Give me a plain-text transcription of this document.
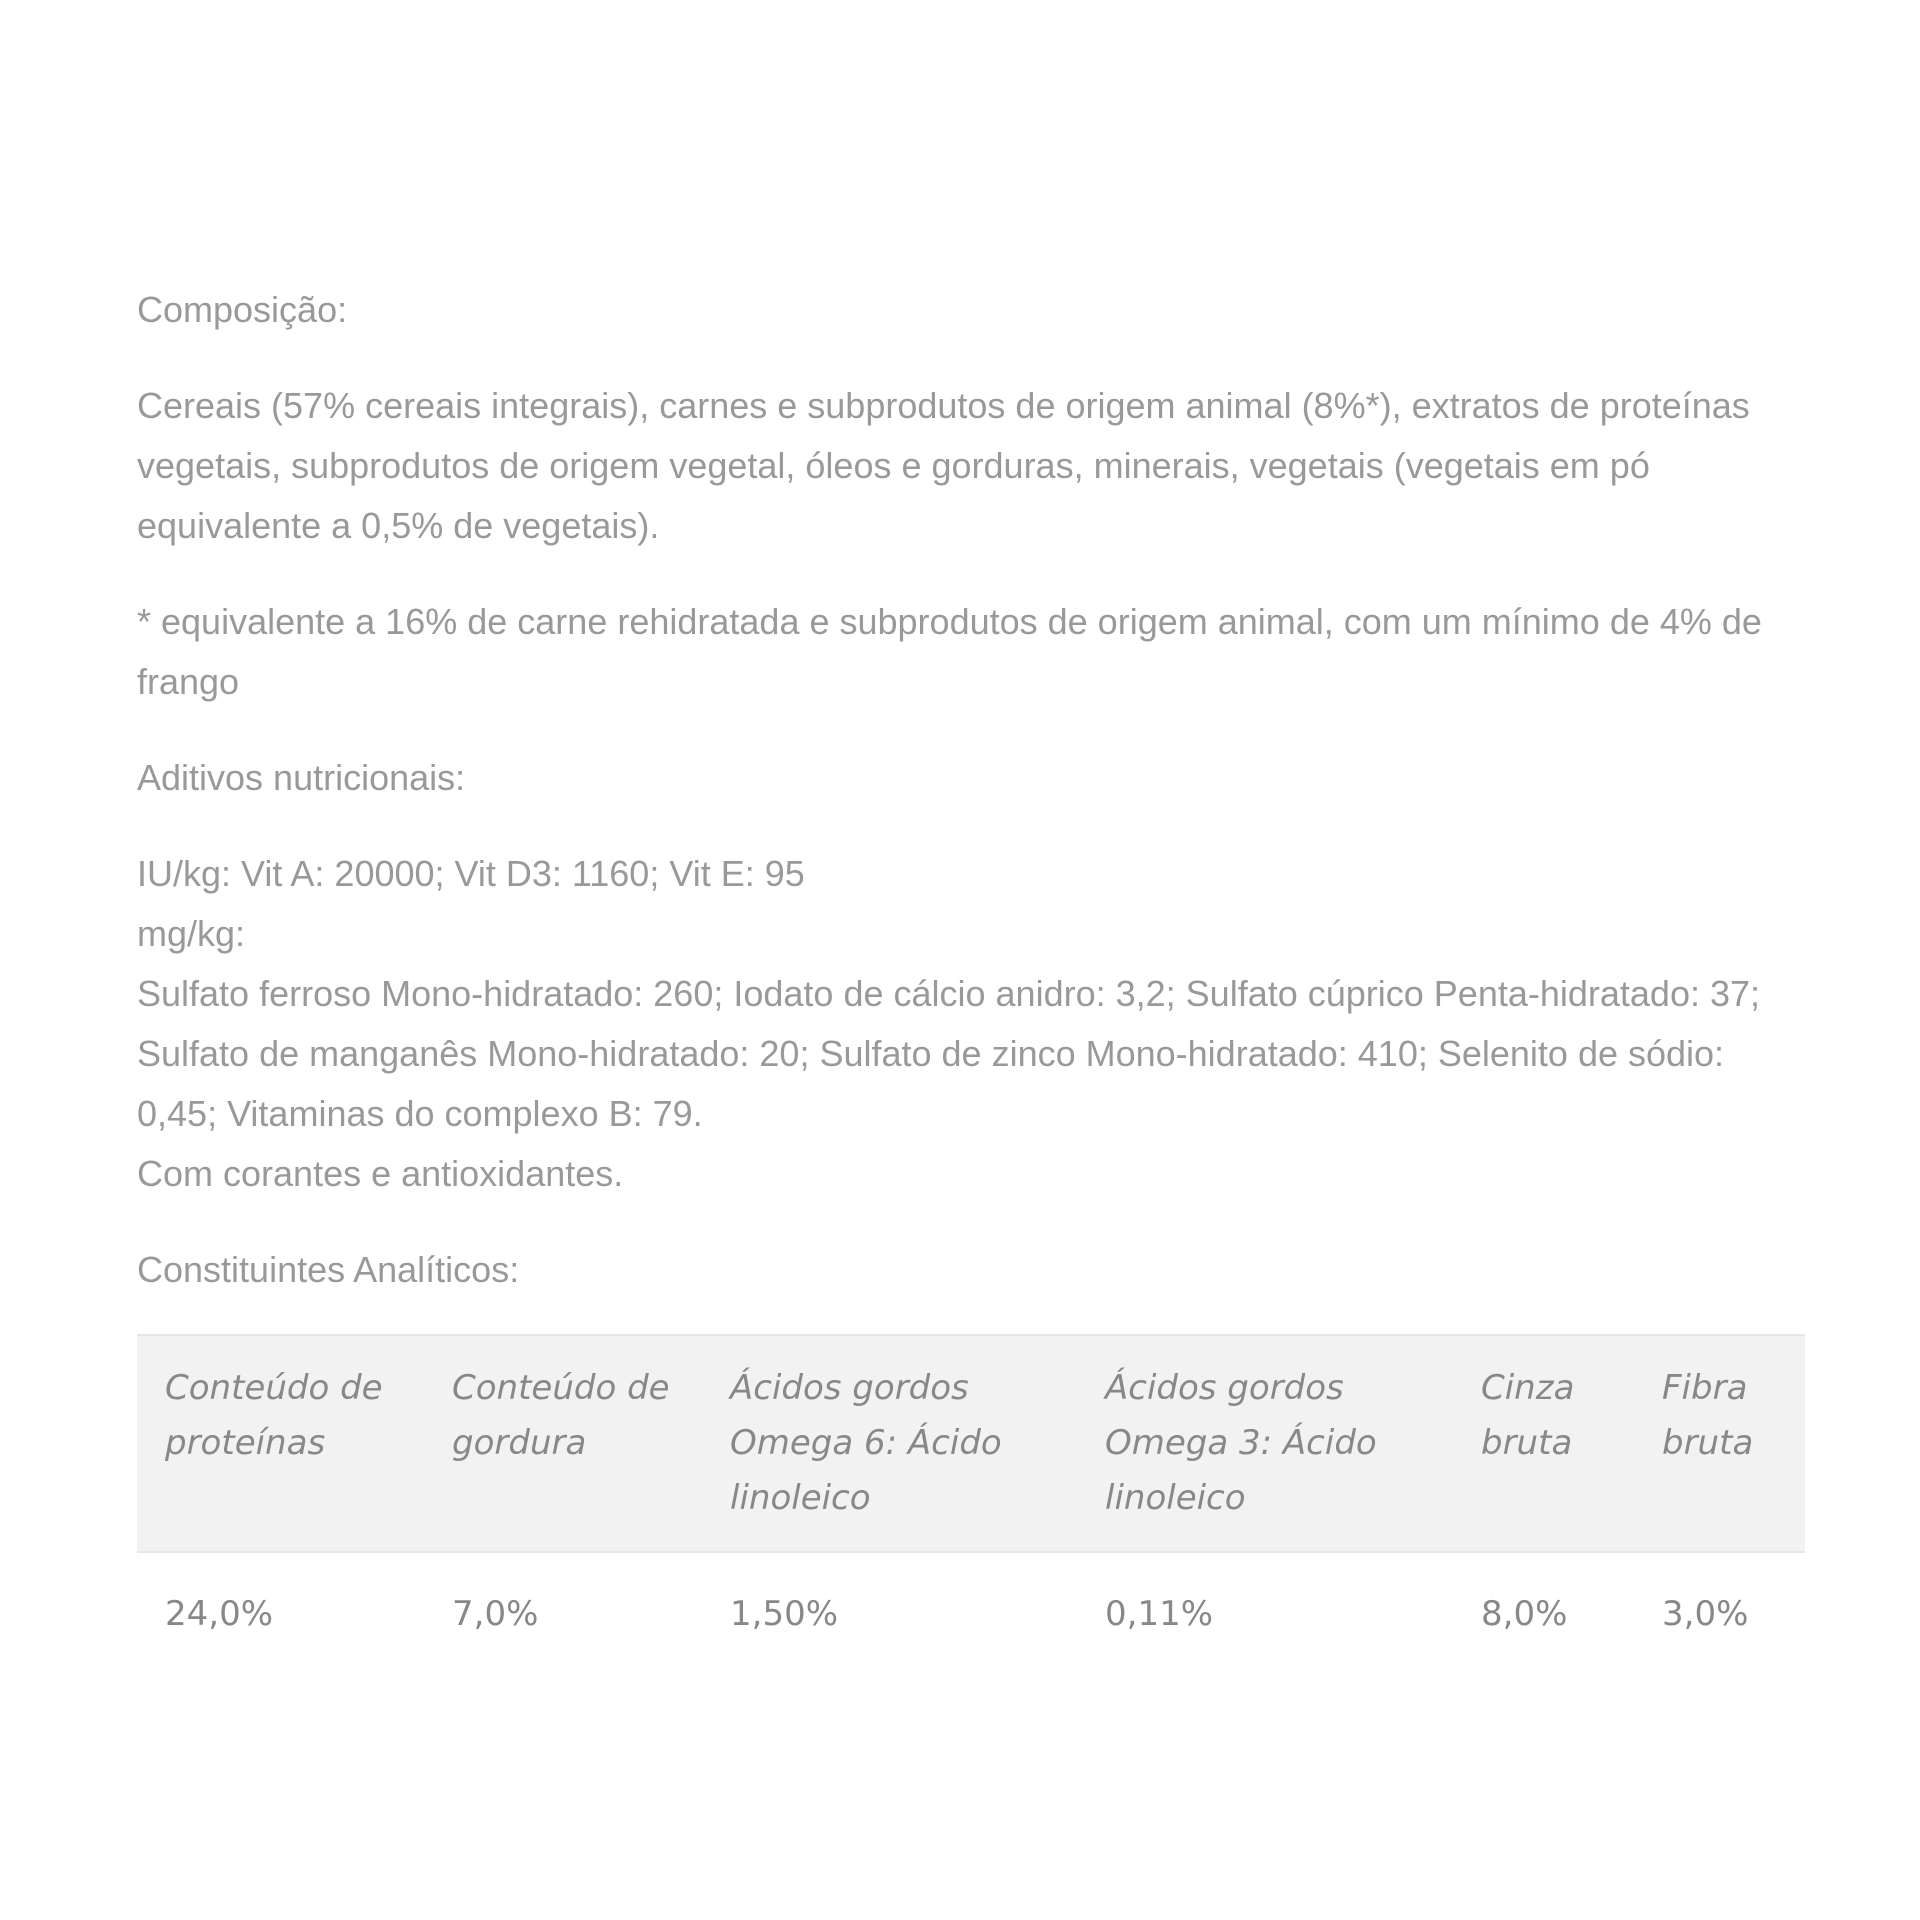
Composição:

Cereais (57% cereais integrais), carnes e subprodutos de origem animal (8%*), extratos de proteínas vegetais, subprodutos de origem vegetal, óleos e gorduras, minerais, vegetais (vegetais em pó equivalente a 0,5% de vegetais).

* equivalente a 16% de carne rehidratada e subprodutos de origem animal, com um mínimo de 4% de frango

Aditivos nutricionais:

IU/kg: Vit A: 20000; Vit D3: 1160; Vit E: 95
mg/kg:
Sulfato ferroso Mono-hidratado: 260; Iodato de cálcio anidro: 3,2; Sulfato cúprico Penta-hidratado: 37; Sulfato de manganês Mono-hidratado: 20; Sulfato de zinco Mono-hidratado: 410; Selenito de sódio: 0,45; Vitaminas do complexo B: 79.
Com corantes e antioxidantes.

Constituintes Analíticos:

Conteúdo de proteínas	Conteúdo de gordura	Ácidos gordos Omega 6: Ácido linoleico	Ácidos gordos Omega 3: Ácido linoleico	Cinza bruta	Fibra bruta
24,0%	7,0%	1,50%	0,11%	8,0%	3,0%
